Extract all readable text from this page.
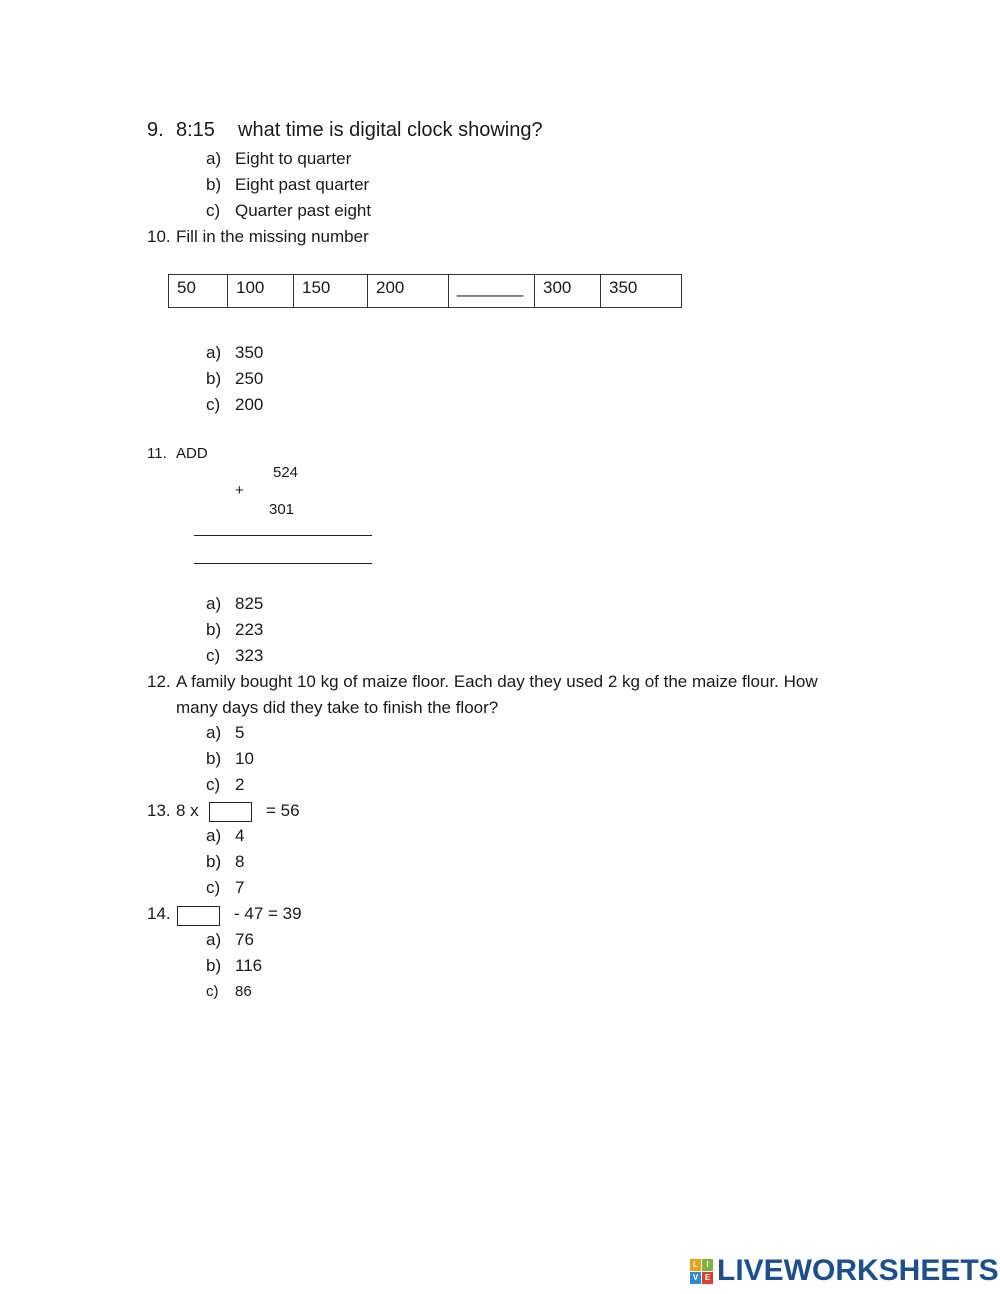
9. 8:15 what time is digital clock showing?
a) Eight to quarter
b) Eight past quarter
c) Quarter past eight
10. Fill in the missing number
50	100	150	200	_______	300	350
a) 350
b) 250
c) 200
11. ADD
524
+
301
a) 825
b) 223
c) 323
12. A family bought 10 kg of maize floor. Each day they used 2 kg of the maize flour. How
many days did they take to finish the floor?
a) 5
b) 10
c) 2
13. 8 x	= 56
a) 4
b) 8
c) 7
14.	- 47 = 39
a) 76
b) 116
c) 86
L	I
V E LIVEWORKSHEETS
